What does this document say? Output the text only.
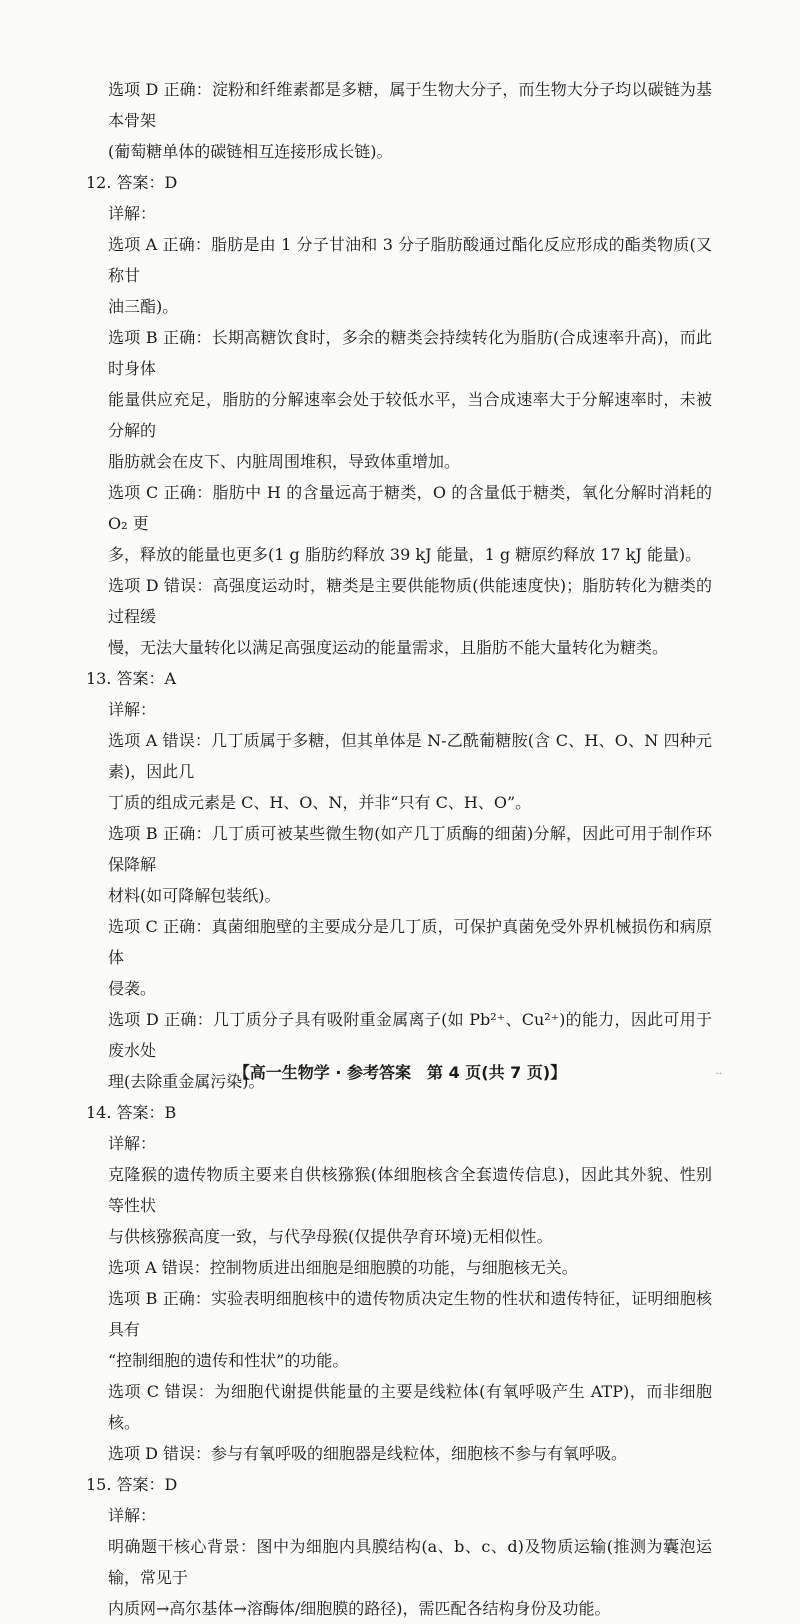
选项 D 正确：淀粉和纤维素都是多糖，属于生物大分子，而生物大分子均以碳链为基本骨架

(葡萄糖单体的碳链相互连接形成长链)。

12. 答案：D

详解：

选项 A 正确：脂肪是由 1 分子甘油和 3 分子脂肪酸通过酯化反应形成的酯类物质(又称甘

油三酯)。

选项 B 正确：长期高糖饮食时，多余的糖类会持续转化为脂肪(合成速率升高)，而此时身体

能量供应充足，脂肪的分解速率会处于较低水平，当合成速率大于分解速率时，未被分解的

脂肪就会在皮下、内脏周围堆积，导致体重增加。

选项 C 正确：脂肪中 H 的含量远高于糖类，O 的含量低于糖类，氧化分解时消耗的 O₂ 更

多，释放的能量也更多(1 g 脂肪约释放 39 kJ 能量，1 g 糖原约释放 17 kJ 能量)。

选项 D 错误：高强度运动时，糖类是主要供能物质(供能速度快)；脂肪转化为糖类的过程缓

慢，无法大量转化以满足高强度运动的能量需求，且脂肪不能大量转化为糖类。

13. 答案：A

详解：

选项 A 错误：几丁质属于多糖，但其单体是 N-乙酰葡糖胺(含 C、H、O、N 四种元素)，因此几

丁质的组成元素是 C、H、O、N，并非“只有 C、H、O”。

选项 B 正确：几丁质可被某些微生物(如产几丁质酶的细菌)分解，因此可用于制作环保降解

材料(如可降解包装纸)。

选项 C 正确：真菌细胞壁的主要成分是几丁质，可保护真菌免受外界机械损伤和病原体

侵袭。

选项 D 正确：几丁质分子具有吸附重金属离子(如 Pb²⁺、Cu²⁺)的能力，因此可用于废水处

理(去除重金属污染)。

14. 答案：B

详解：

克隆猴的遗传物质主要来自供核猕猴(体细胞核含全套遗传信息)，因此其外貌、性别等性状

与供核猕猴高度一致，与代孕母猴(仅提供孕育环境)无相似性。

选项 A 错误：控制物质进出细胞是细胞膜的功能，与细胞核无关。

选项 B 正确：实验表明细胞核中的遗传物质决定生物的性状和遗传特征，证明细胞核具有

“控制细胞的遗传和性状”的功能。

选项 C 错误：为细胞代谢提供能量的主要是线粒体(有氧呼吸产生 ATP)，而非细胞核。

选项 D 错误：参与有氧呼吸的细胞器是线粒体，细胞核不参与有氧呼吸。

15. 答案：D

详解：

明确题干核心背景：图中为细胞内具膜结构(a、b、c、d)及物质运输(推测为囊泡运输，常见于

内质网→高尔基体→溶酶体/细胞膜的路径)，需匹配各结构身份及功能。

【高一生物学 · 参考答案　第 4 页(共 7 页)】	..
